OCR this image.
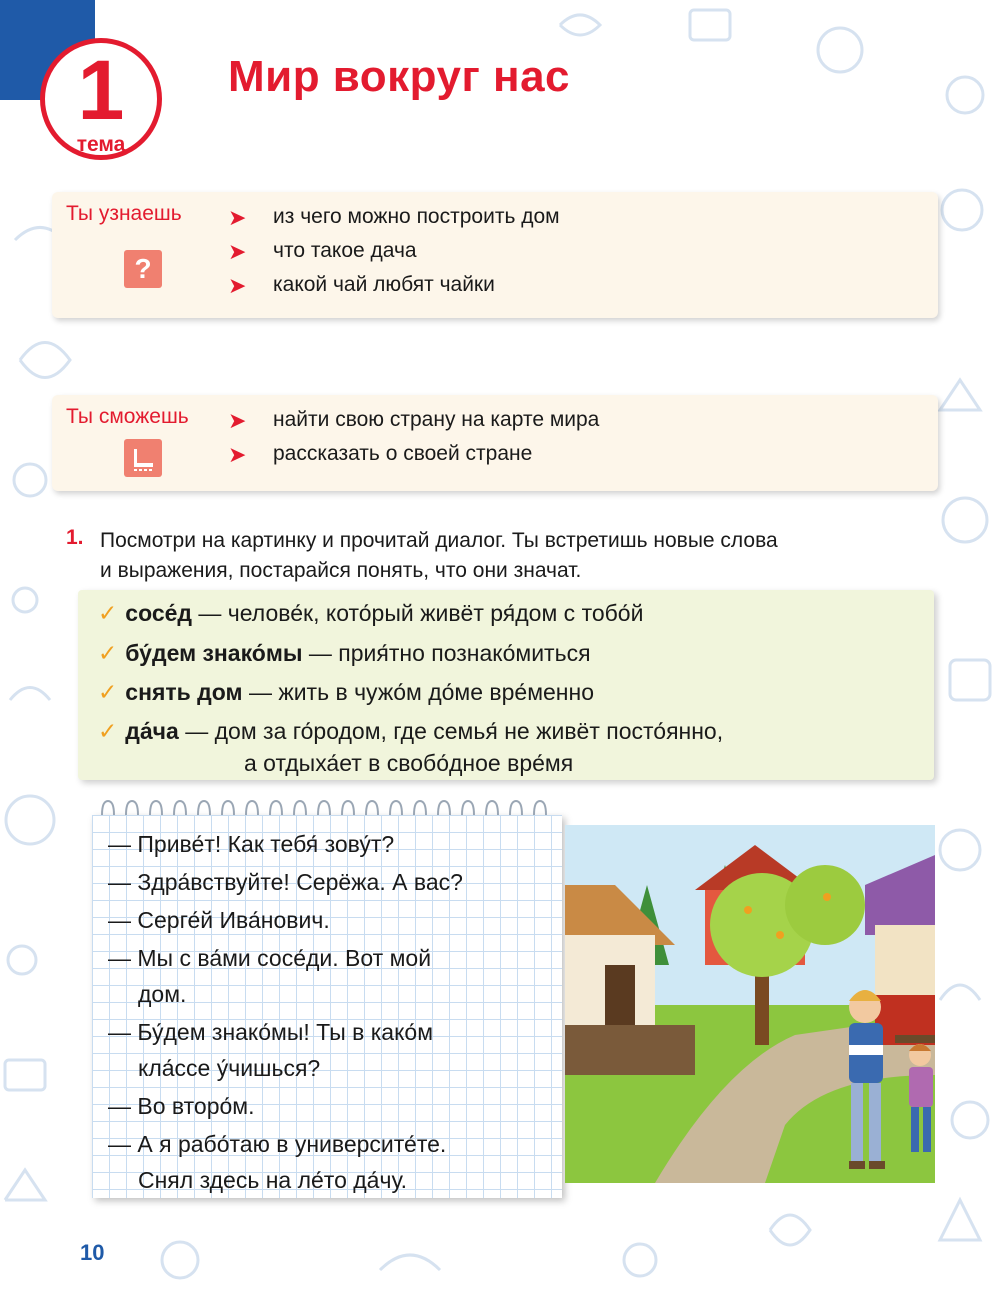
1
тема
Мир вокруг нас
Ты узнаешь
?
➤ из чего можно построить дом
➤ что такое дача
➤ какой чай любят чайки
Ты сможешь ➤ найти свою страну на карте мира
➤ рассказать о своей стране
1. Посмотри на картинку и прочитай диалог. Ты встретишь новые слова
и выражения, постарайся понять, что они значат.
✓ сосе́д — челове́к, кото́рый живёт ря́дом с тобо́й
✓ бу́дем знако́мы — прия́тно познако́миться
✓ снять дом — жить в чужо́м до́ме вре́менно
✓ да́ча — дом за го́родом, где семья́ не живёт посто́янно,
а отдыха́ет в свобо́дное вре́мя
— Приве́т! Как тебя́ зову́т?
— Здра́вствуйте! Серёжа. А вас?
— Серге́й Ива́нович.
— Мы с ва́ми сосе́ди. Вот мой
дом.
— Бу́дем знако́мы! Ты в како́м
кла́ссе у́чишься?
— Во второ́м.
— А я рабо́таю в университе́те.
Снял здесь на ле́то да́чу.
10
